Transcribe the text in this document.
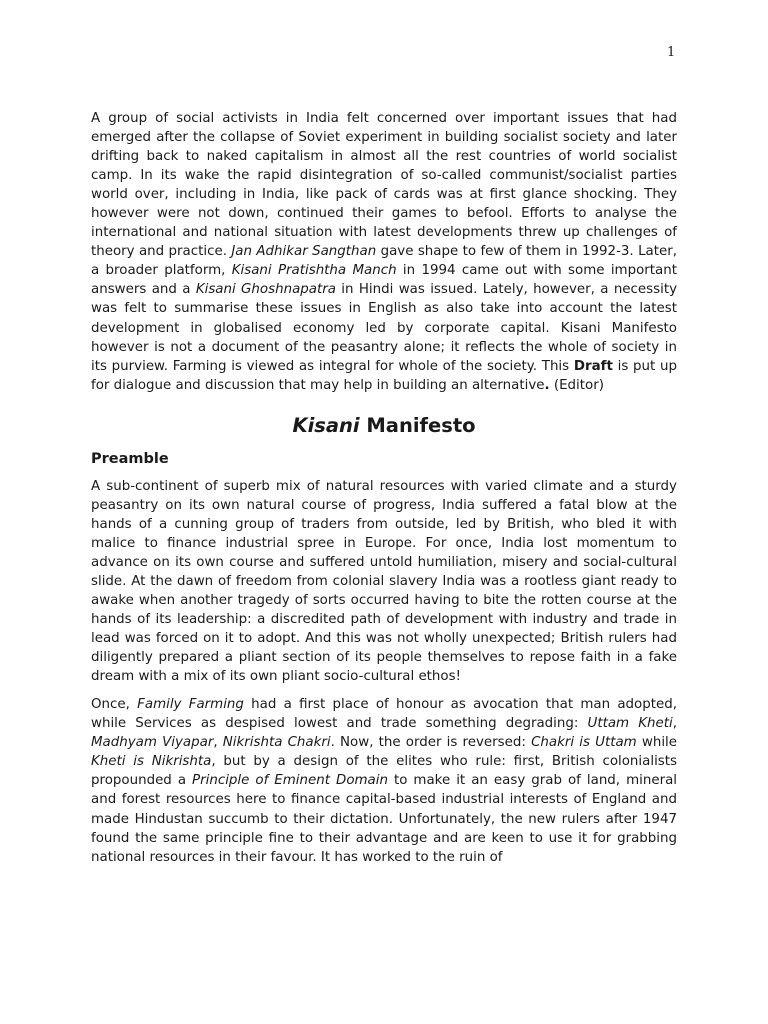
1

A group of social activists in India felt concerned over important issues that had emerged after the collapse of Soviet experiment in building socialist society and later drifting back to naked capitalism in almost all the rest countries of world socialist camp. In its wake the rapid disintegration of so-called communist/socialist parties world over, including in India, like pack of cards was at first glance shocking. They however were not down, continued their games to befool. Efforts to analyse the international and national situation with latest developments threw up challenges of theory and practice. Jan Adhikar Sangthan gave shape to few of them in 1992-3. Later, a broader platform, Kisani Pratishtha Manch in 1994 came out with some important answers and a Kisani Ghoshnapatra in Hindi was issued. Lately, however, a necessity was felt to summarise these issues in English as also take into account the latest development in globalised economy led by corporate capital. Kisani Manifesto however is not a document of the peasantry alone; it reflects the whole of society in its purview. Farming is viewed as integral for whole of the society. This Draft is put up for dialogue and discussion that may help in building an alternative. (Editor)

Kisani Manifesto
Preamble

A sub-continent of superb mix of natural resources with varied climate and a sturdy peasantry on its own natural course of progress, India suffered a fatal blow at the hands of a cunning group of traders from outside, led by British, who bled it with malice to finance industrial spree in Europe. For once, India lost momentum to advance on its own course and suffered untold humiliation, misery and social-cultural slide. At the dawn of freedom from colonial slavery India was a rootless giant ready to awake when another tragedy of sorts occurred having to bite the rotten course at the hands of its leadership: a discredited path of development with industry and trade in lead was forced on it to adopt. And this was not wholly unexpected; British rulers had diligently prepared a pliant section of its people themselves to repose faith in a fake dream with a mix of its own pliant socio-cultural ethos!

Once, Family Farming had a first place of honour as avocation that man adopted, while Services as despised lowest and trade something degrading: Uttam Kheti, Madhyam Viyapar, Nikrishta Chakri. Now, the order is reversed: Chakri is Uttam while Kheti is Nikrishta, but by a design of the elites who rule: first, British colonialists propounded a Principle of Eminent Domain to make it an easy grab of land, mineral and forest resources here to finance capital-based industrial interests of England and made Hindustan succumb to their dictation. Unfortunately, the new rulers after 1947 found the same principle fine to their advantage and are keen to use it for grabbing national resources in their favour. It has worked to the ruin of
